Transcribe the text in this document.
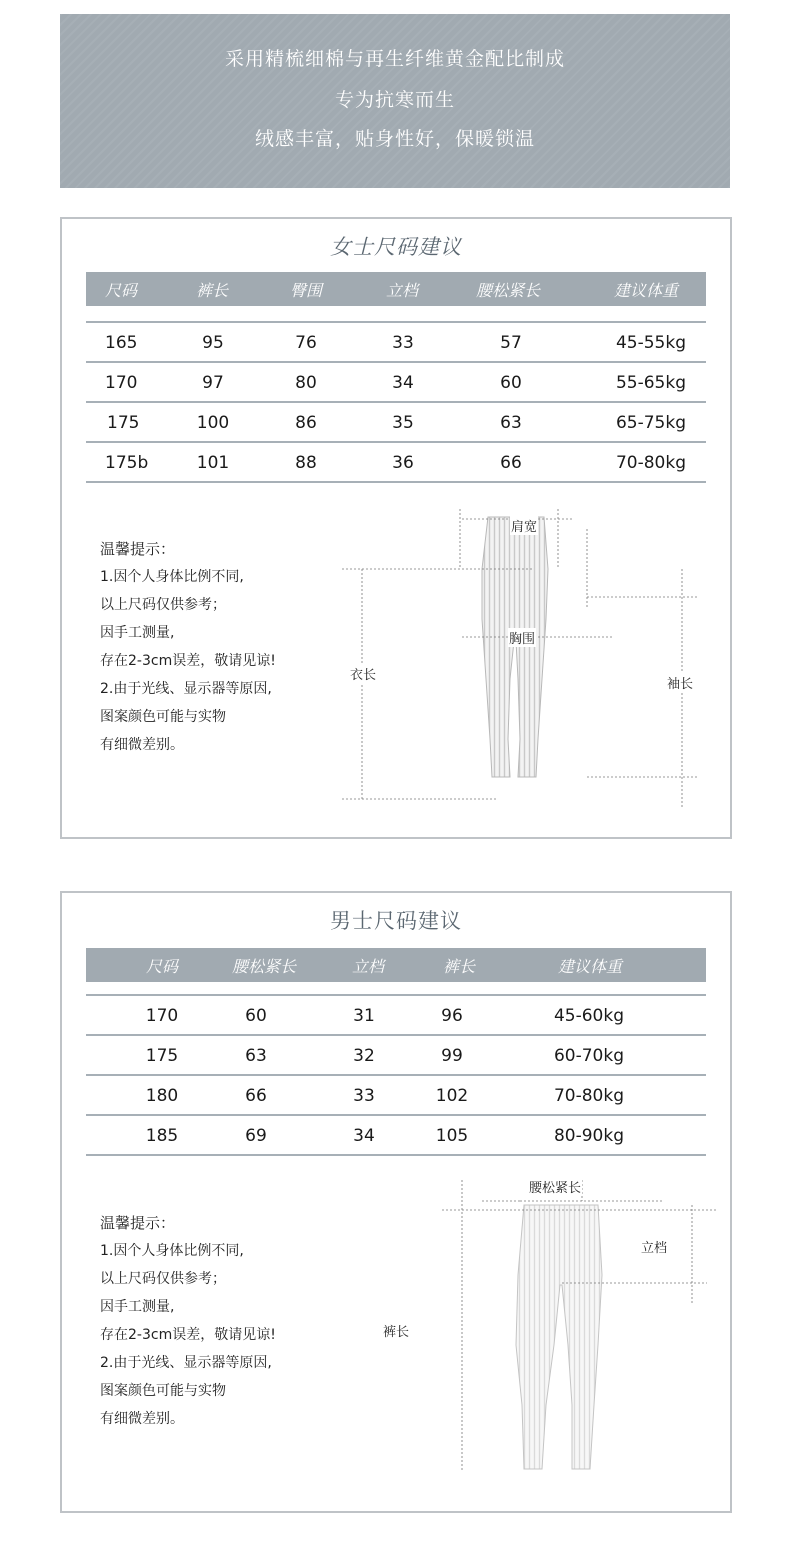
采用精梳细棉与再生纤维黄金配比制成
专为抗寒而生
绒感丰富，贴身性好，保暖锁温
女士尺码建议
尺码	裤长	臀围	立档	腰松紧长	建议体重
165	95	76	33	57	45-55kg
170	97	80	34	60	55-65kg
175	100	86	35	63	65-75kg
175b	101	88	36	66	70-80kg
温馨提示：
1.因个人身体比例不同,
以上尺码仅供参考；
因手工测量,
存在2-3cm误差，敬请见谅!
2.由于光线、显示器等原因,
图案颜色可能与实物
有细微差别。
肩宽
胸围
衣长
袖长
男士尺码建议
尺码	腰松紧长	立档	裤长	建议体重
170	60	31	96	45-60kg
175	63	32	99	60-70kg
180	66	33	102	70-80kg
185	69	34	105	80-90kg
温馨提示：
1.因个人身体比例不同,
以上尺码仅供参考；
因手工测量,
存在2-3cm误差，敬请见谅!
2.由于光线、显示器等原因,
图案颜色可能与实物
有细微差别。
腰松紧长
立档
裤长
